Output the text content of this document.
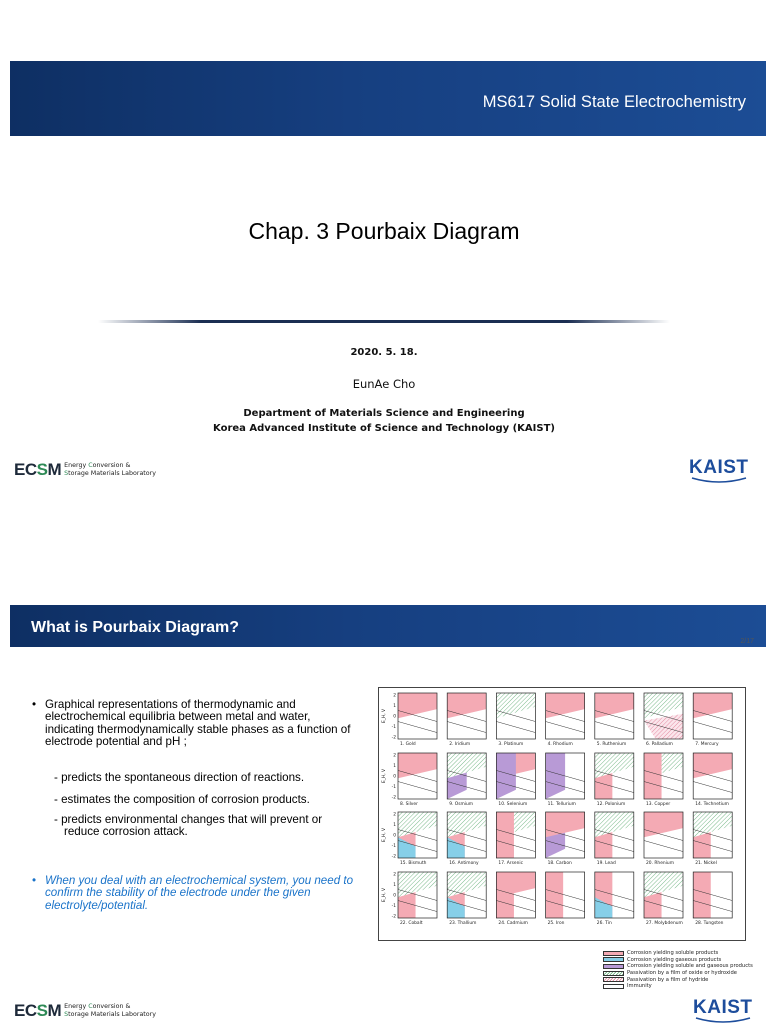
MS617 Solid State Electrochemistry
Chap. 3 Pourbaix Diagram
2020. 5. 18.
EunAe Cho
Department of Materials Science and Engineering
Korea Advanced Institute of Science and Technology (KAIST)
ECSM Energy Conversion &
Storage Materials Laboratory	KAIST
What is Pourbaix Diagram?
2/17
• Graphical representations of thermodynamic and electrochemical equilibria between metal and water, indicating thermodynamically stable phases as a function of electrode potential and pH ;
- predicts the spontaneous direction of reactions.
- estimates the composition of corrosion products.
- predicts environmental changes that will prevent or
reduce corrosion attack.
• When you deal with an electrochemical system, you need to confirm the stability of the electrode under the given electrolyte/potential.
1. Gold	2. Iridium	3. Platinum	4. Rhodium	5. Ruthenium	6. Palladium	7. Mercury
2
1
0
-1
-2
E_H, V
8. Silver	9. Osmium	10. Selenium	11. Tellurium	12. Polonium	13. Copper	14. Technetium
2
1
0
-1
-2
E_H, V
15. Bismuth	16. Antimony	17. Arsenic	18. Carbon	19. Lead	20. Rhenium	21. Nickel
2
1
0
-1
-2
E_H, V
22. Cobalt	23. Thallium	24. Cadmium	25. Iron	26. Tin	27. Molybdenum	28. Tungsten
2
1
0
-1
-2
E_H, V
Corrosion yielding soluble products
Corrosion yielding gaseous products
Corrosion yielding soluble and gaseous products
Passivation by a film of oxide or hydroxide
Passivation by a film of hydride
Immunity
ECSM Energy Conversion &
Storage Materials Laboratory	KAIST
